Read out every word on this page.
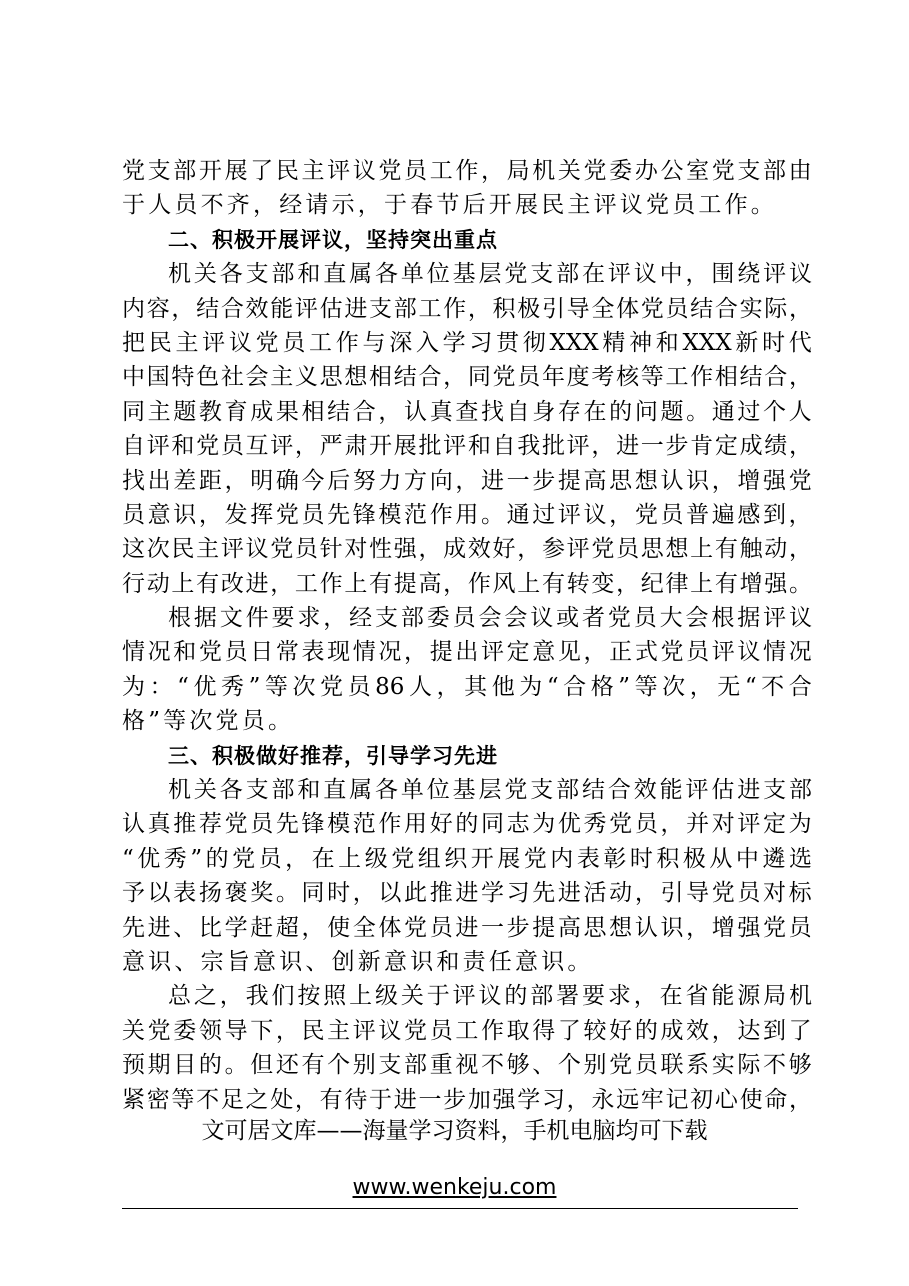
党 支 部 开 展 了 民 主 评 议 党 员 工 作 ， 局 机 关 党 委 办 公 室 党 支 部 由
于人员不齐，经请示，于春节后开展民主评议党员工作。
二、积极开展评议，坚持突出重点
机 关 各 支 部 和 直 属 各 单 位 基 层 党 支 部 在 评 议 中 ， 围 绕 评 议
内 容 ， 结 合 效 能 评 估 进 支 部 工 作 ， 积 极 引 导 全 体 党 员 结 合 实 际 ，
把 民 主 评 议 党 员 工 作 与 深 入 学 习 贯 彻 XXX 精 神 和 XXX 新 时 代
中 国 特 色 社 会 主 义 思 想 相 结 合 ， 同 党 员 年 度 考 核 等 工 作 相 结 合 ，
同 主 题 教 育 成 果 相 结 合 ， 认 真 查 找 自 身 存 在 的 问 题 。 通 过 个 人
自 评 和 党 员 互 评 ， 严 肃 开 展 批 评 和 自 我 批 评 ， 进 一 步 肯 定 成 绩 ，
找 出 差 距 ， 明 确 今 后 努 力 方 向 ， 进 一 步 提 高 思 想 认 识 ， 增 强 党
员 意 识 ， 发 挥 党 员 先 锋 模 范 作 用 。 通 过 评 议 ， 党 员 普 遍 感 到 ，
这 次 民 主 评 议 党 员 针 对 性 强 ， 成 效 好 ， 参 评 党 员 思 想 上 有 触 动 ，
行 动 上 有 改 进 ， 工 作 上 有 提 高 ， 作 风 上 有 转 变 ， 纪 律 上 有 增 强 。
根 据 文 件 要 求 ， 经 支 部 委 员 会 会 议 或 者 党 员 大 会 根 据 评 议
情 况 和 党 员 日 常 表 现 情 况 ， 提 出 评 定 意 见 ， 正 式 党 员 评 议 情 况
为 ： “ 优 秀 ” 等 次 党 员 86 人 ， 其 他 为 “ 合 格 ” 等 次 ， 无 “ 不 合
格”等次党员。
三、积极做好推荐，引导学习先进
机 关 各 支 部 和 直 属 各 单 位 基 层 党 支 部 结 合 效 能 评 估 进 支 部
认 真 推 荐 党 员 先 锋 模 范 作 用 好 的 同 志 为 优 秀 党 员 ， 并 对 评 定 为
“ 优 秀 ” 的 党 员 ， 在 上 级 党 组 织 开 展 党 内 表 彰 时 积 极 从 中 遴 选
予 以 表 扬 褒 奖 。 同 时 ， 以 此 推 进 学 习 先 进 活 动 ， 引 导 党 员 对 标
先 进 、 比 学 赶 超 ， 使 全 体 党 员 进 一 步 提 高 思 想 认 识 ， 增 强 党 员
意识、宗旨意识、创新意识和责任意识。
总 之 ， 我 们 按 照 上 级 关 于 评 议 的 部 署 要 求 ， 在 省 能 源 局 机
关 党 委 领 导 下 ， 民 主 评 议 党 员 工 作 取 得 了 较 好 的 成 效 ， 达 到 了
预 期 目 的 。 但 还 有 个 别 支 部 重 视 不 够 、 个 别 党 员 联 系 实 际 不 够
紧 密 等 不 足 之 处 ， 有 待 于 进 一 步 加 强 学 习 ， 永 远 牢 记 初 心 使 命 ，
文可居文库——海量学习资料，手机电脑均可下载
www.wenkeju.com
